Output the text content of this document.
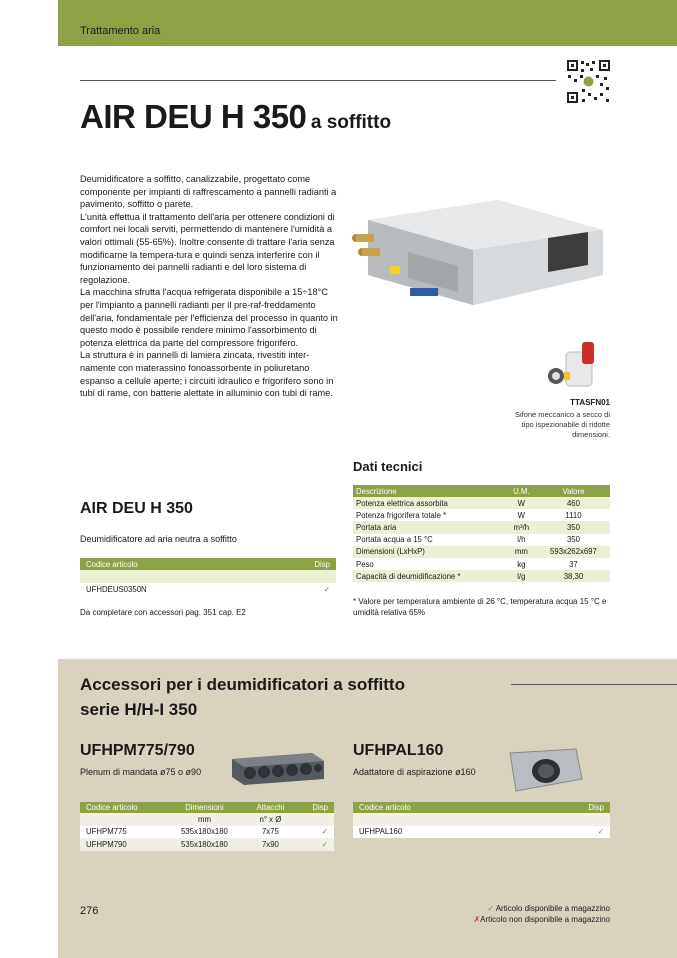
Trattamento aria
AIR DEU H 350 a soffitto

Deumidificatore a soffitto, canalizzabile, progettato come componente per impianti di raffrescamento a pannelli radianti a pavimento, soffitto o parete.

L'unità effettua il trattamento dell'aria per ottenere condizioni di comfort nei locali serviti, permettendo di mantenere l'umidità a valori ottimali (55-65%). Inoltre consente di trattare l'aria senza modificarne la tempera-tura e quindi senza interferire con il funzionamento dei pannelli radianti e del loro sistema di regolazione.

La macchina sfrutta l'acqua refrigerata disponibile a 15÷18°C per l'impianto a pannelli radianti per il pre-raf-freddamento dell'aria, fondamentale per l'efficienza del processo in quanto in questo modo è possibile rendere minimo l'assorbimento di potenza elettrica da parte del compressore frigorifero.

La struttura è in pannelli di lamiera zincata, rivestiti inter-namente con materassino fonoassorbente in poliuretano espanso a cellule aperte; i circuiti idraulico e frigorifero sono in tubi di rame, con batterie alettate in alluminio con tubi di rame.

TTASFN01
Sifone meccanico a secco di tipo ispezionabile di ridotte dimensioni.
Dati tecnici
Descrizione	U.M.	Valore
Potenza elettrica assorbita	W	460
Potenza frigorifera totale *	W	1110
Portata aria	m³/h	350
Portata acqua a 15 °C	l/h	350
Dimensioni (LxHxP)	mm	593x262x697
Peso	kg	37
Capacità di deumidificazione *	l/g	38,30
* Valore per temperatura ambiente di 26 °C, temperatura acqua 15 °C e umidità relativa 65%
AIR DEU H 350
Deumidificatore ad aria neutra a soffitto
Codice articolo	Disp

UFHDEUS0350N	✓
Da completare con accessori pag. 351 cap. E2
Accessori per i deumidificatori a soffitto
serie H/H-I 350
UFHPM775/790
Plenum di mandata ø75 o ø90
UFHPAL160
Adattatore di aspirazione ø160
Codice articolo	Dimensioni	Attacchi	Disp
	mm	n° x Ø	
UFHPM775	535x180x180	7x75	✓
UFHPM790	535x180x180	7x90	✓
Codice articolo	Disp

UFHPAL160	✓
276	✓ Articolo disponibile a magazzino
✗Articolo non disponibile a magazzino
